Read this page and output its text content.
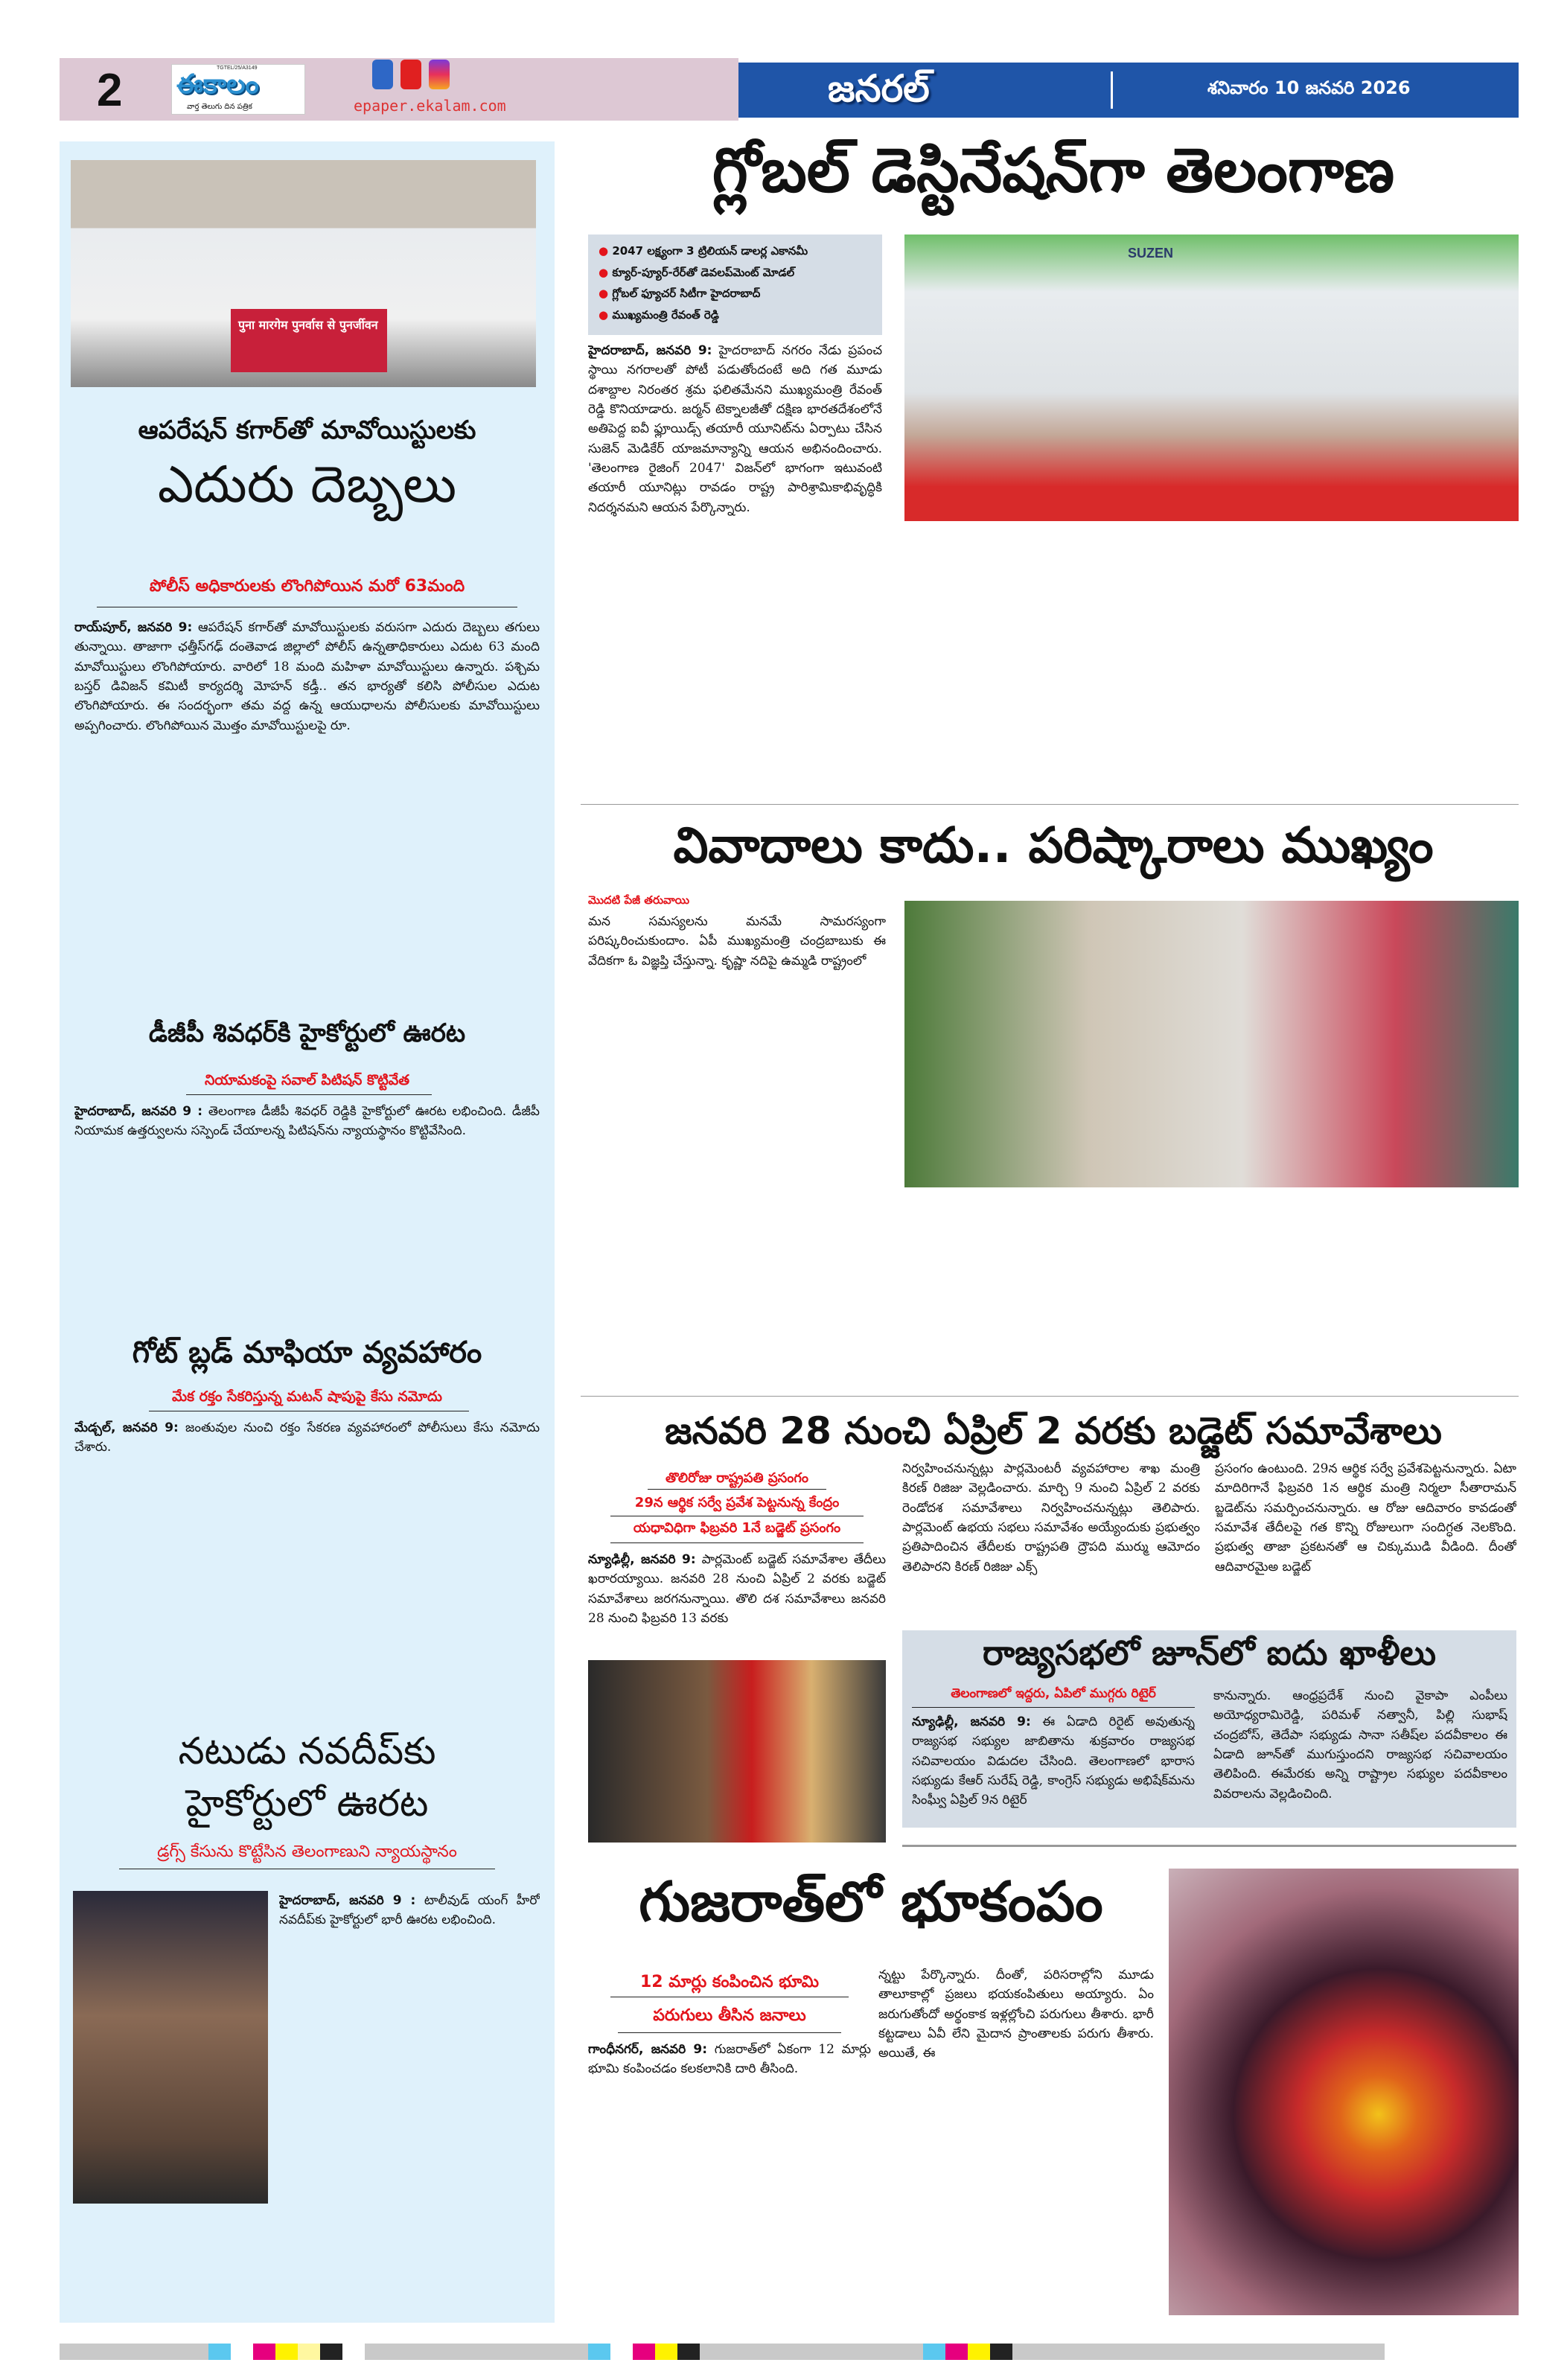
2	TGTEL/25/A3149
ఈకాలం
వార్త తెలుగు దిన పత్రిక	epaper.ekalam.com	జనరల్	శనివారం 10 జనవరి 2026
पुना मारगेम पुनर्वास से पुनर्जीवन
ఆపరేషన్ కగార్‌తో మావోయిస్టులకు
ఎదురు దెబ్బలు
పోలీస్ అధికారులకు లొంగిపోయిన మరో 63మంది
రాయ్‌పూర్, జనవరి 9: ఆపరేషన్ కగార్‌తో మావోయిస్టులకు వరుసగా ఎదురు దెబ్బలు తగులు తున్నాయి. తాజాగా ఛత్తీస్‌గఢ్ దంతెవాడ జిల్లాలో పోలీస్ ఉన్నతాధికారులు ఎదుట 63 మంది మావోయిస్టులు లొంగిపోయారు. వారిలో 18 మంది మహిళా మావోయిస్టులు ఉన్నారు. పశ్చిమ బస్తర్ డివిజన్ కమిటీ కార్యదర్శి మోహన్ కడ్తీ.. తన భార్యతో కలిసి పోలీసుల ఎదుట లొంగిపోయారు. ఈ సందర్భంగా తమ వద్ద ఉన్న ఆయుధాలను పోలీసులకు మావోయిస్టులు అప్పగించారు. లొంగిపోయిన మొత్తం మావోయిస్టులపై రూ.
డీజీపీ శివధర్‌కి హైకోర్టులో ఊరట
నియామకంపై సవాల్ పిటిషన్ కొట్టివేత
హైదరాబాద్, జనవరి 9 : తెలంగాణ డీజీపీ శివధర్ రెడ్డికి హైకోర్టులో ఊరట లభించింది. డీజీపీ నియామక ఉత్తర్వులను సస్పెండ్ చేయాలన్న పిటిషన్‌ను న్యాయస్థానం కొట్టివేసింది.
గోట్ బ్లడ్ మాఫియా వ్యవహారం
మేక రక్తం సేకరిస్తున్న మటన్ షాపుపై కేసు నమోదు
మేడ్చల్, జనవరి 9: జంతువుల నుంచి రక్తం సేకరణ వ్యవహారంలో పోలీసులు కేసు నమోదు చేశారు.
నటుడు నవదీప్‌కు
హైకోర్టులో ఊరట
డ్రగ్స్ కేసును కొట్టేసిన తెలంగాణుని న్యాయస్థానం
హైదరాబాద్, జనవరి 9 : టాలీవుడ్ యంగ్ హీరో నవదీప్‌కు హైకోర్టులో భారీ ఊరట లభించింది.
గ్లోబల్ డెస్టినేషన్‌గా తెలంగాణ
● 2047 లక్ష్యంగా 3 ట్రిలియన్ డాలర్ల ఎకానమీ
● క్యూర్-ప్యూర్-రేర్‌తో డెవలప్‌మెంట్ మోడల్
● గ్లోబల్ ఫ్యూచర్ సిటీగా హైదరాబాద్
● ముఖ్యమంత్రి రేవంత్ రెడ్డి
హైదరాబాద్, జనవరి 9: హైదరాబాద్ నగరం నేడు ప్రపంచ స్థాయి నగరాలతో పోటీ పడుతోందంటే అది గత మూడు దశాబ్దాల నిరంతర శ్రమ ఫలితమేనని ముఖ్యమంత్రి రేవంత్ రెడ్డి కొనియాడారు. జర్మన్ టెక్నాలజీతో దక్షిణ భారతదేశంలోనే అతిపెద్ద ఐవీ ఫ్లూయిడ్స్ తయారీ యూనిట్‌ను ఏర్పాటు చేసిన సుజెన్ మెడికేర్ యాజమాన్యాన్ని ఆయన అభినందించారు. 'తెలంగాణ రైజింగ్ 2047' విజన్‌లో భాగంగా ఇటువంటి తయారీ యూనిట్లు రావడం రాష్ట్ర పారిశ్రామికాభివృద్ధికి నిదర్శనమని ఆయన పేర్కొన్నారు.
SUZEN
వివాదాలు కాదు.. పరిష్కారాలు ముఖ్యం
మొదటి పేజీ తరువాయి
మన సమస్యలను మనమే సామరస్యంగా పరిష్కరించుకుందాం. ఏపీ ముఖ్యమంత్రి చంద్రబాబుకు ఈ వేదికగా ఓ విజ్ఞప్తి చేస్తున్నా. కృష్ణా నదిపై ఉమ్మడి రాష్ట్రంలో
జనవరి 28 నుంచి ఏప్రిల్ 2 వరకు బడ్జెట్ సమావేశాలు
తొలిరోజు రాష్ట్రపతి ప్రసంగం
29న ఆర్థిక సర్వే ప్రవేశ పెట్టనున్న కేంద్రం
యధావిధిగా ఫిబ్రవరి 1నే బడ్జెట్ ప్రసంగం
న్యూఢిల్లీ, జనవరి 9: పార్లమెంట్ బడ్జెట్ సమావేశాల తేదీలు ఖరారయ్యాయి. జనవరి 28 నుంచి ఏప్రిల్ 2 వరకు బడ్జెట్ సమావేశాలు జరగనున్నాయి. తొలి దశ సమావేశాలు జనవరి 28 నుంచి ఫిబ్రవరి 13 వరకు
నిర్వహించనున్నట్లు పార్లమెంటరీ వ్యవహారాల శాఖ మంత్రి కిరణ్ రిజిజు వెల్లడించారు. మార్చి 9 నుంచి ఏప్రిల్ 2 వరకు రెండోదశ సమావేశాలు నిర్వహించనున్నట్లు తెలిపారు. పార్లమెంట్ ఉభయ సభలు సమావేశం అయ్యేందుకు ప్రభుత్వం ప్రతిపాదించిన తేదీలకు రాష్ట్రపతి ద్రౌపది ముర్ము ఆమోదం తెలిపారని కిరణ్ రిజిజు ఎక్స్
ప్రసంగం ఉంటుంది. 29న ఆర్థిక సర్వే ప్రవేశపెట్టనున్నారు. ఏటా మాదిరిగానే ఫిబ్రవరి 1న ఆర్థిక మంత్రి నిర్మలా సీతారామన్ బ్జడెట్‌ను సమర్పించనున్నారు. ఆ రోజు ఆదివారం కావడంతో సమావేశ తేదీలపై గత కొన్ని రోజులుగా సందిగ్ధత నెలకొంది. ప్రభుత్వ తాజా ప్రకటనతో ఆ చిక్కుముడి వీడింది. దీంతో ఆదివారమైఅ బడ్జెట్
రాజ్యసభలో జూన్‌లో ఐదు ఖాళీలు
తెలంగాణలో ఇద్దరు, ఏపిలో ముగ్గరు రిటైర్
న్యూఢిల్లీ, జనవరి 9: ఈ ఏడాది రిరైట్ అవుతున్న రాజ్యసభ సభ్యుల జాబితాను శుక్రవారం రాజ్యసభ సచివాలయం విడుదల చేసింది. తెలంగాణలో భారాస సభ్యుడు కేఆర్ సురేష్ రెడ్డి, కాంగ్రెస్ సభ్యుడు అభిషేక్‌మను సింఘ్వీ ఏప్రిల్ 9న రిటైర్
కానున్నారు. ఆంధ్రప్రదేశ్ నుంచి వైకాపా ఎంపీలు అయోధ్యరామిరెడ్డి, పరిమళ్ నత్వానీ, పిల్లి సుభాష్ చంద్రబోస్, తెదేపా సభ్యుడు సానా సతీష్‌ల పదవీకాలం ఈ ఏడాది జూన్‌తో ముగుస్తుందని రాజ్యసభ సచివాలయం తెలిపింది. ఈమేరకు అన్ని రాష్ట్రాల సభ్యుల పదవీకాలం వివరాలను వెల్లడించింది.
గుజరాత్‌లో భూకంపం
12 మార్లు కంపించిన భూమి
పరుగులు తీసిన జనాలు
గాంధీనగర్, జనవరి 9: గుజరాత్‌లో ఏకంగా 12 మార్లు భూమి కంపించడం కలకలానికి దారి తీసింది.
న్నట్టు పేర్కొన్నారు. దీంతో, పరిసరాల్లోని మూడు తాలూకాల్లో ప్రజలు భయకంపితులు అయ్యారు. ఏం జరుగుతోందో అర్థంకాక ఇళ్లల్లోంచి పరుగులు తీశారు. భారీ కట్టడాలు ఏవీ లేని మైదాన ప్రాంతాలకు పరుగు తీశారు. అయితే, ఈ
